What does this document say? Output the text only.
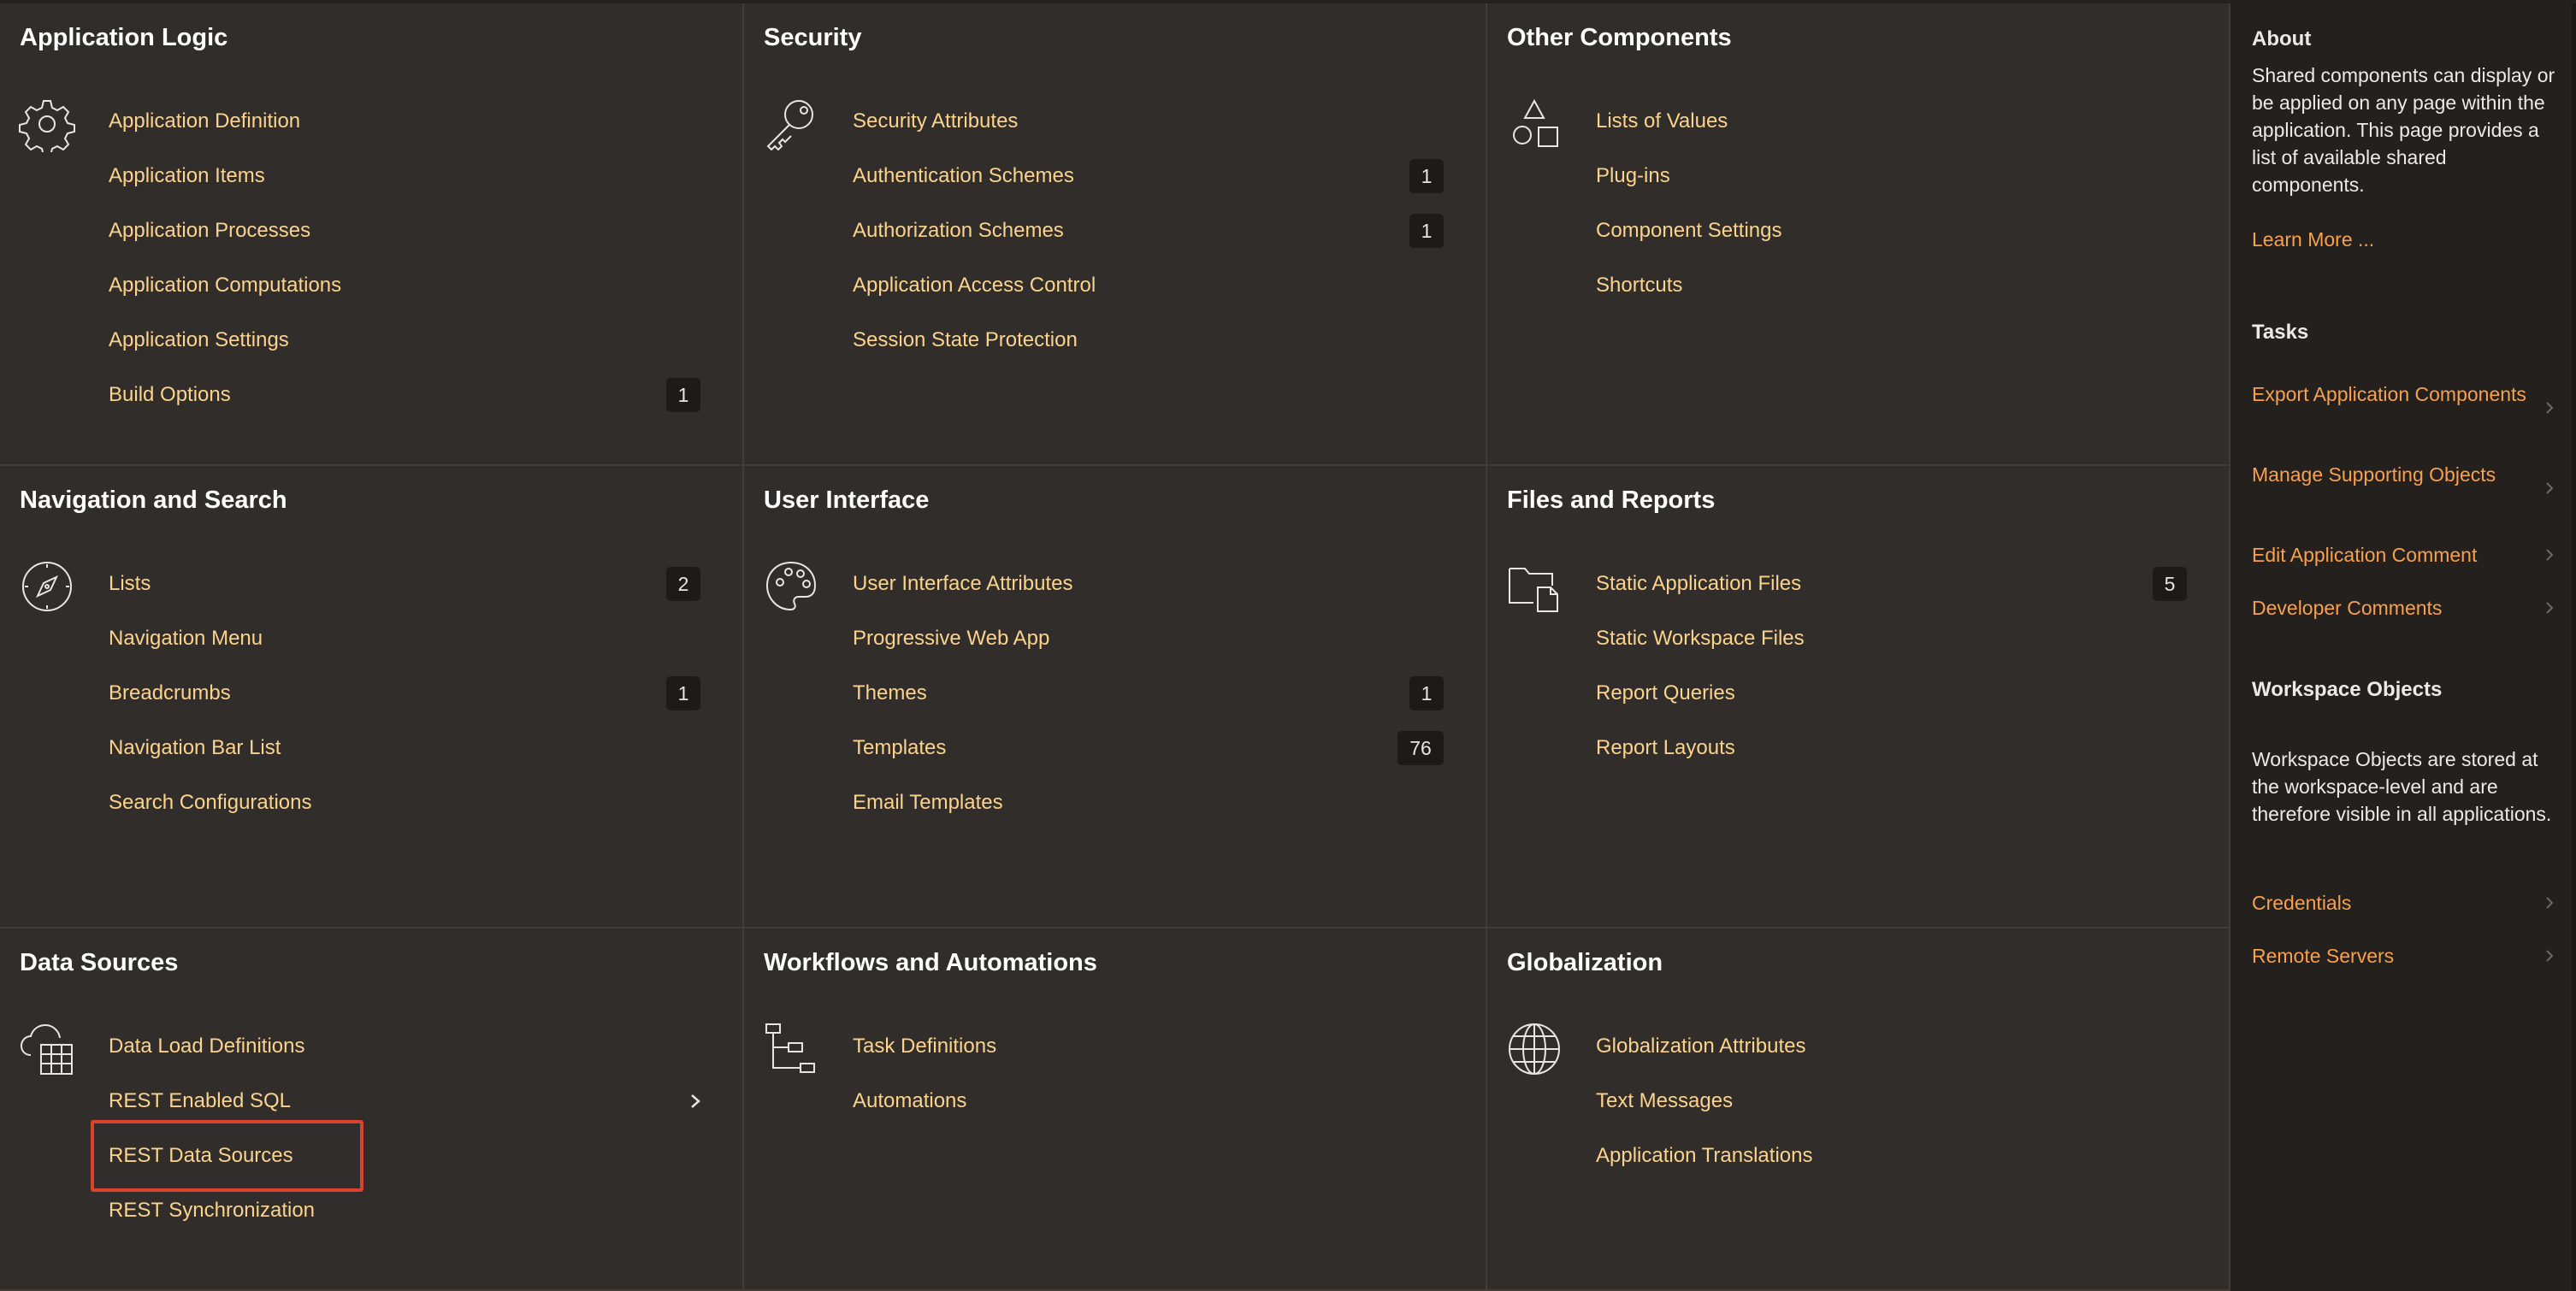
Application Logic
Application Definition
Application Items
Application Processes
Application Computations
Application Settings
Build Options	1
Security
Security Attributes
Authentication Schemes	1
Authorization Schemes	1
Application Access Control
Session State Protection
Other Components
Lists of Values
Plug-ins
Component Settings
Shortcuts
Navigation and Search
Lists	2
Navigation Menu
Breadcrumbs	1
Navigation Bar List
Search Configurations
User Interface
User Interface Attributes
Progressive Web App
Themes	1
Templates	76
Email Templates
Files and Reports
Static Application Files	5
Static Workspace Files
Report Queries
Report Layouts
Data Sources
Data Load Definitions
REST Enabled SQL
REST Data Sources
REST Synchronization
Workflows and Automations
Task Definitions
Automations
Globalization
Globalization Attributes
Text Messages
Application Translations
About
Shared components can display or be applied on any page within the application. This page provides a list of available shared components.
Learn More ...
Tasks
Export Application Components
Manage Supporting Objects
Edit Application Comment
Developer Comments
Workspace Objects
Workspace Objects are stored at the workspace-level and are therefore visible in all applications.
Credentials
Remote Servers
